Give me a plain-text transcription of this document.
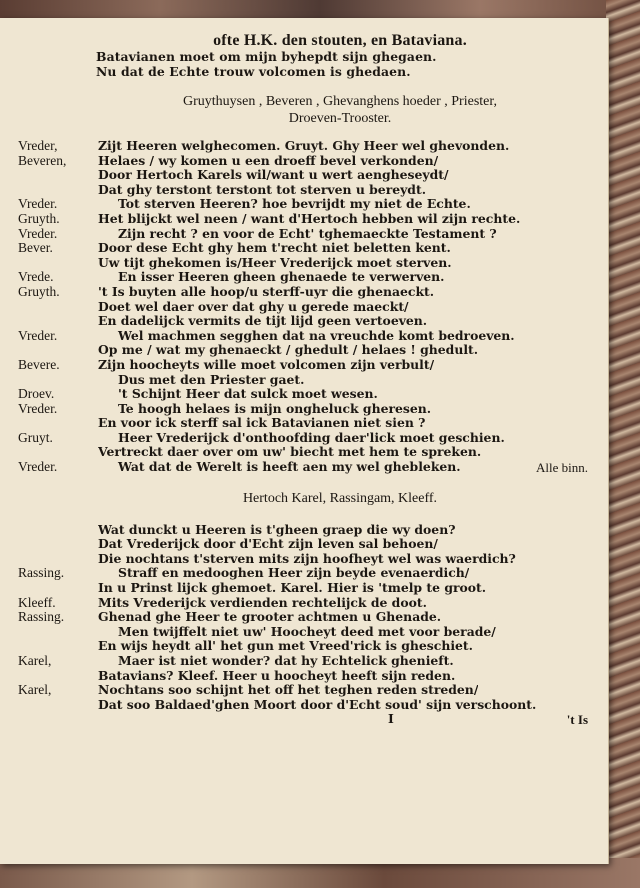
ofte H.K. den stouten, en Bataviana.
Batavianen moet om mijn byhepdt sijn ghegaen.
Nu dat de Echte trouw volcomen is ghedaen.
Gruythuysen , Beveren , Ghevanghens hoeder , Priester,
Droeven-Trooster.
Vreder,	Zijt Heeren welghecomen. Gruyt. Ghy Heer wel ghevonden.
Beveren,	Helaes / wy komen u een droeff bevel verkonden/
Door Hertoch Karels wil/want u wert aengheseydt/
Dat ghy terstont terstont tot sterven u bereydt.
Vreder.	Tot sterven Heeren? hoe bevrijdt my niet de Echte.
Gruyth.	Het blijckt wel neen / want d'Hertoch hebben wil zijn rechte.
Vreder.	Zijn recht ? en voor de Echt' tghemaeckte Testament ?
Bever.	Door dese Echt ghy hem t'recht niet beletten kent.
Uw tijt ghekomen is/Heer Vrederijck moet sterven.
Vrede.	En isser Heeren gheen ghenaede te verwerven.
Gruyth.	't Is buyten alle hoop/u sterff-uyr die ghenaeckt.
Doet wel daer over dat ghy u gerede maeckt/
En dadelijck vermits de tijt lijd geen vertoeven.
Vreder.	Wel machmen segghen dat na vreuchde komt bedroeven.
Op me / wat my ghenaeckt / ghedult / helaes ! ghedult.
Bevere.	Zijn hoocheyts wille moet volcomen zijn verbult/
Dus met den Priester gaet.
Droev.	't Schijnt Heer dat sulck moet wesen.
Vreder.	Te hoogh helaes is mijn ongheluck gheresen.
En voor ick sterff sal ick Batavianen niet sien ?
Gruyt.	Heer Vrederijck d'onthoofding daer'lick moet geschien.
Vertreckt daer over om uw' biecht met hem te spreken.
Vreder.	Wat dat de Werelt is heeft aen my wel ghebleken.	Alle binn.
Hertoch Karel, Rassingam, Kleeff.
Wat dunckt u Heeren is t'gheen graep die wy doen?
Dat Vrederijck door d'Echt zijn leven sal behoen/
Die nochtans t'sterven mits zijn hoofheyt wel was waerdich?
Rassing.	Straff en medooghen Heer zijn beyde evenaerdich/
In u Prinst lijck ghemoet. Karel. Hier is 'tmelp te groot.
Kleeff.	Mits Vrederijck verdienden rechtelijck de doot.
Rassing.	Ghenad ghe Heer te grooter achtmen u Ghenade.
Men twijffelt niet uw' Hoocheyt deed met voor berade/
En wijs heydt all' het gun met Vreed'rick is gheschiet.
Karel,	Maer ist niet wonder? dat hy Echtelick ghenieft.
Batavians? Kleef. Heer u hoocheyt heeft sijn reden.
Karel,	Nochtans soo schijnt het off het teghen reden streden/
Dat soo Baldaed'ghen Moort door d'Echt soud' sijn verschoont.
I	't Is
